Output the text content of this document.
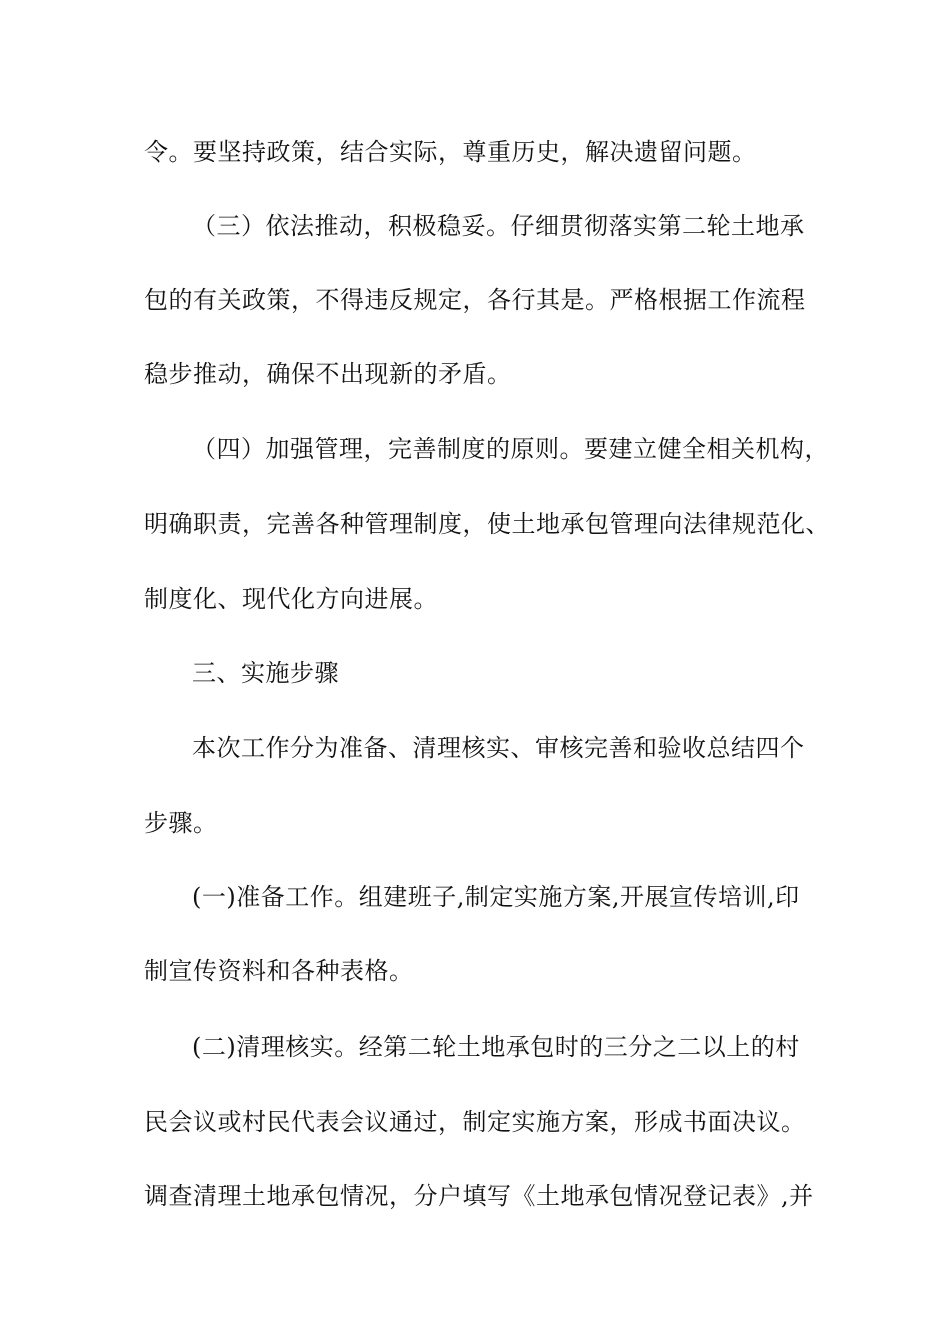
令。要坚持政策，结合实际，尊重历史，解决遗留问题。
（三）依法推动，积极稳妥。仔细贯彻落实第二轮土地承
包的有关政策，不得违反规定，各行其是。严格根据工作流程
稳步推动，确保不出现新的矛盾。
（四）加强管理，完善制度的原则。要建立健全相关机构，
明确职责，完善各种管理制度，使土地承包管理向法律规范化、
制度化、现代化方向进展。
三、实施步骤
本次工作分为准备、清理核实、审核完善和验收总结四个
步骤。
(一)准备工作。组建班子,制定实施方案,开展宣传培训,印
制宣传资料和各种表格。
(二)清理核实。经第二轮土地承包时的三分之二以上的村
民会议或村民代表会议通过，制定实施方案，形成书面决议。
调查清理土地承包情况，分户填写《土地承包情况登记表》,并
